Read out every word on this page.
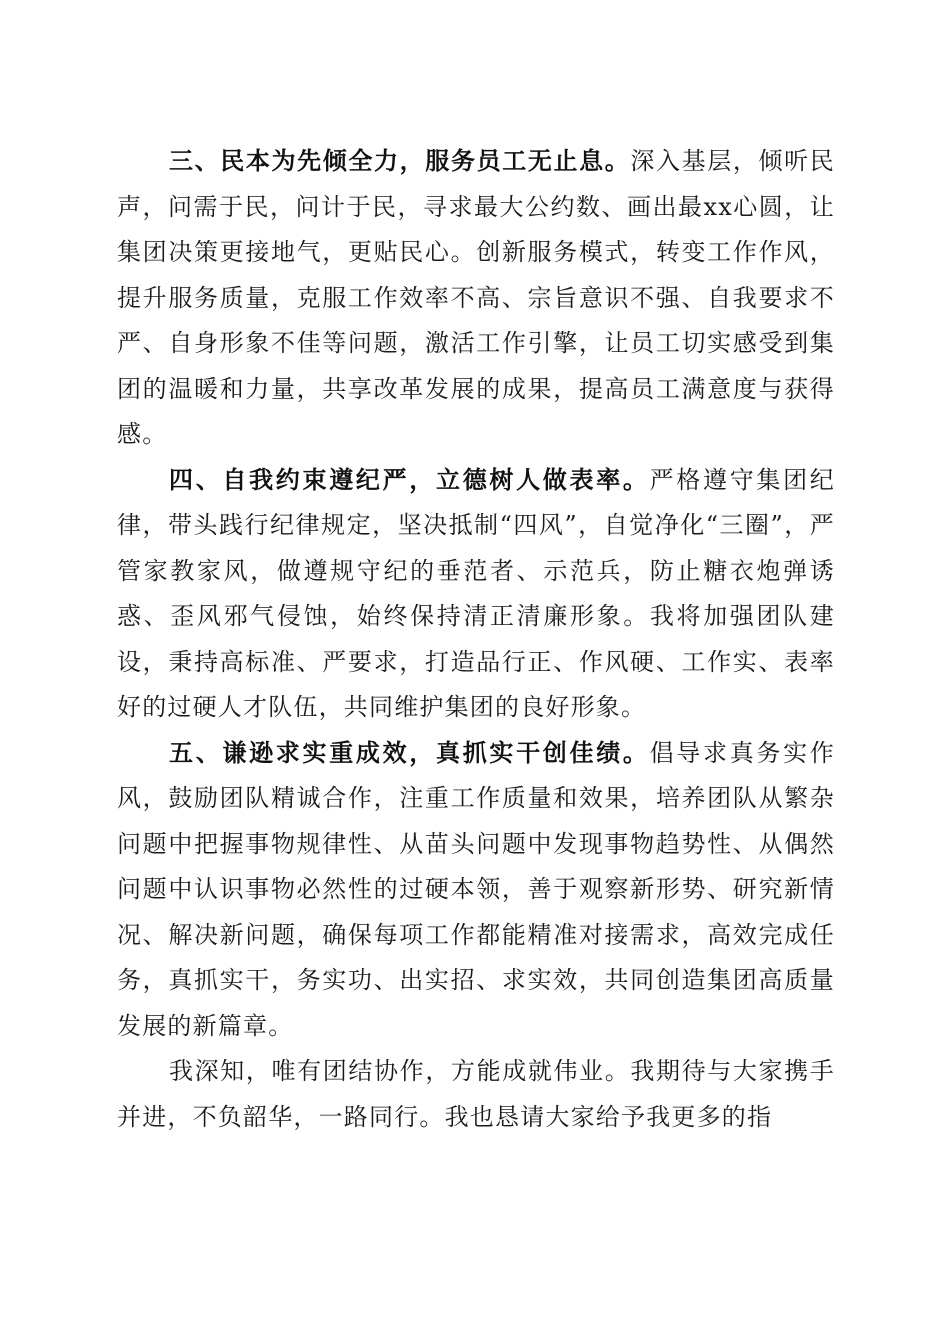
三、民本为先倾全力，服务员工无止息。深入基层，倾听民声，问需于民，问计于民，寻求最大公约数、画出最xx心圆，让集团决策更接地气，更贴民心。创新服务模式，转变工作作风，提升服务质量，克服工作效率不高、宗旨意识不强、自我要求不严、自身形象不佳等问题，激活工作引擎，让员工切实感受到集团的温暖和力量，共享改革发展的成果，提高员工满意度与获得感。

四、自我约束遵纪严，立德树人做表率。严格遵守集团纪律，带头践行纪律规定，坚决抵制“四风”，自觉净化“三圈”，严管家教家风，做遵规守纪的垂范者、示范兵，防止糖衣炮弹诱惑、歪风邪气侵蚀，始终保持清正清廉形象。我将加强团队建设，秉持高标准、严要求，打造品行正、作风硬、工作实、表率好的过硬人才队伍，共同维护集团的良好形象。

五、谦逊求实重成效，真抓实干创佳绩。倡导求真务实作风，鼓励团队精诚合作，注重工作质量和效果，培养团队从繁杂问题中把握事物规律性、从苗头问题中发现事物趋势性、从偶然问题中认识事物必然性的过硬本领，善于观察新形势、研究新情况、解决新问题，确保每项工作都能精准对接需求，高效完成任务，真抓实干，务实功、出实招、求实效，共同创造集团高质量发展的新篇章。

我深知，唯有团结协作，方能成就伟业。我期待与大家携手并进，不负韶华，一路同行。我也恳请大家给予我更多的指
